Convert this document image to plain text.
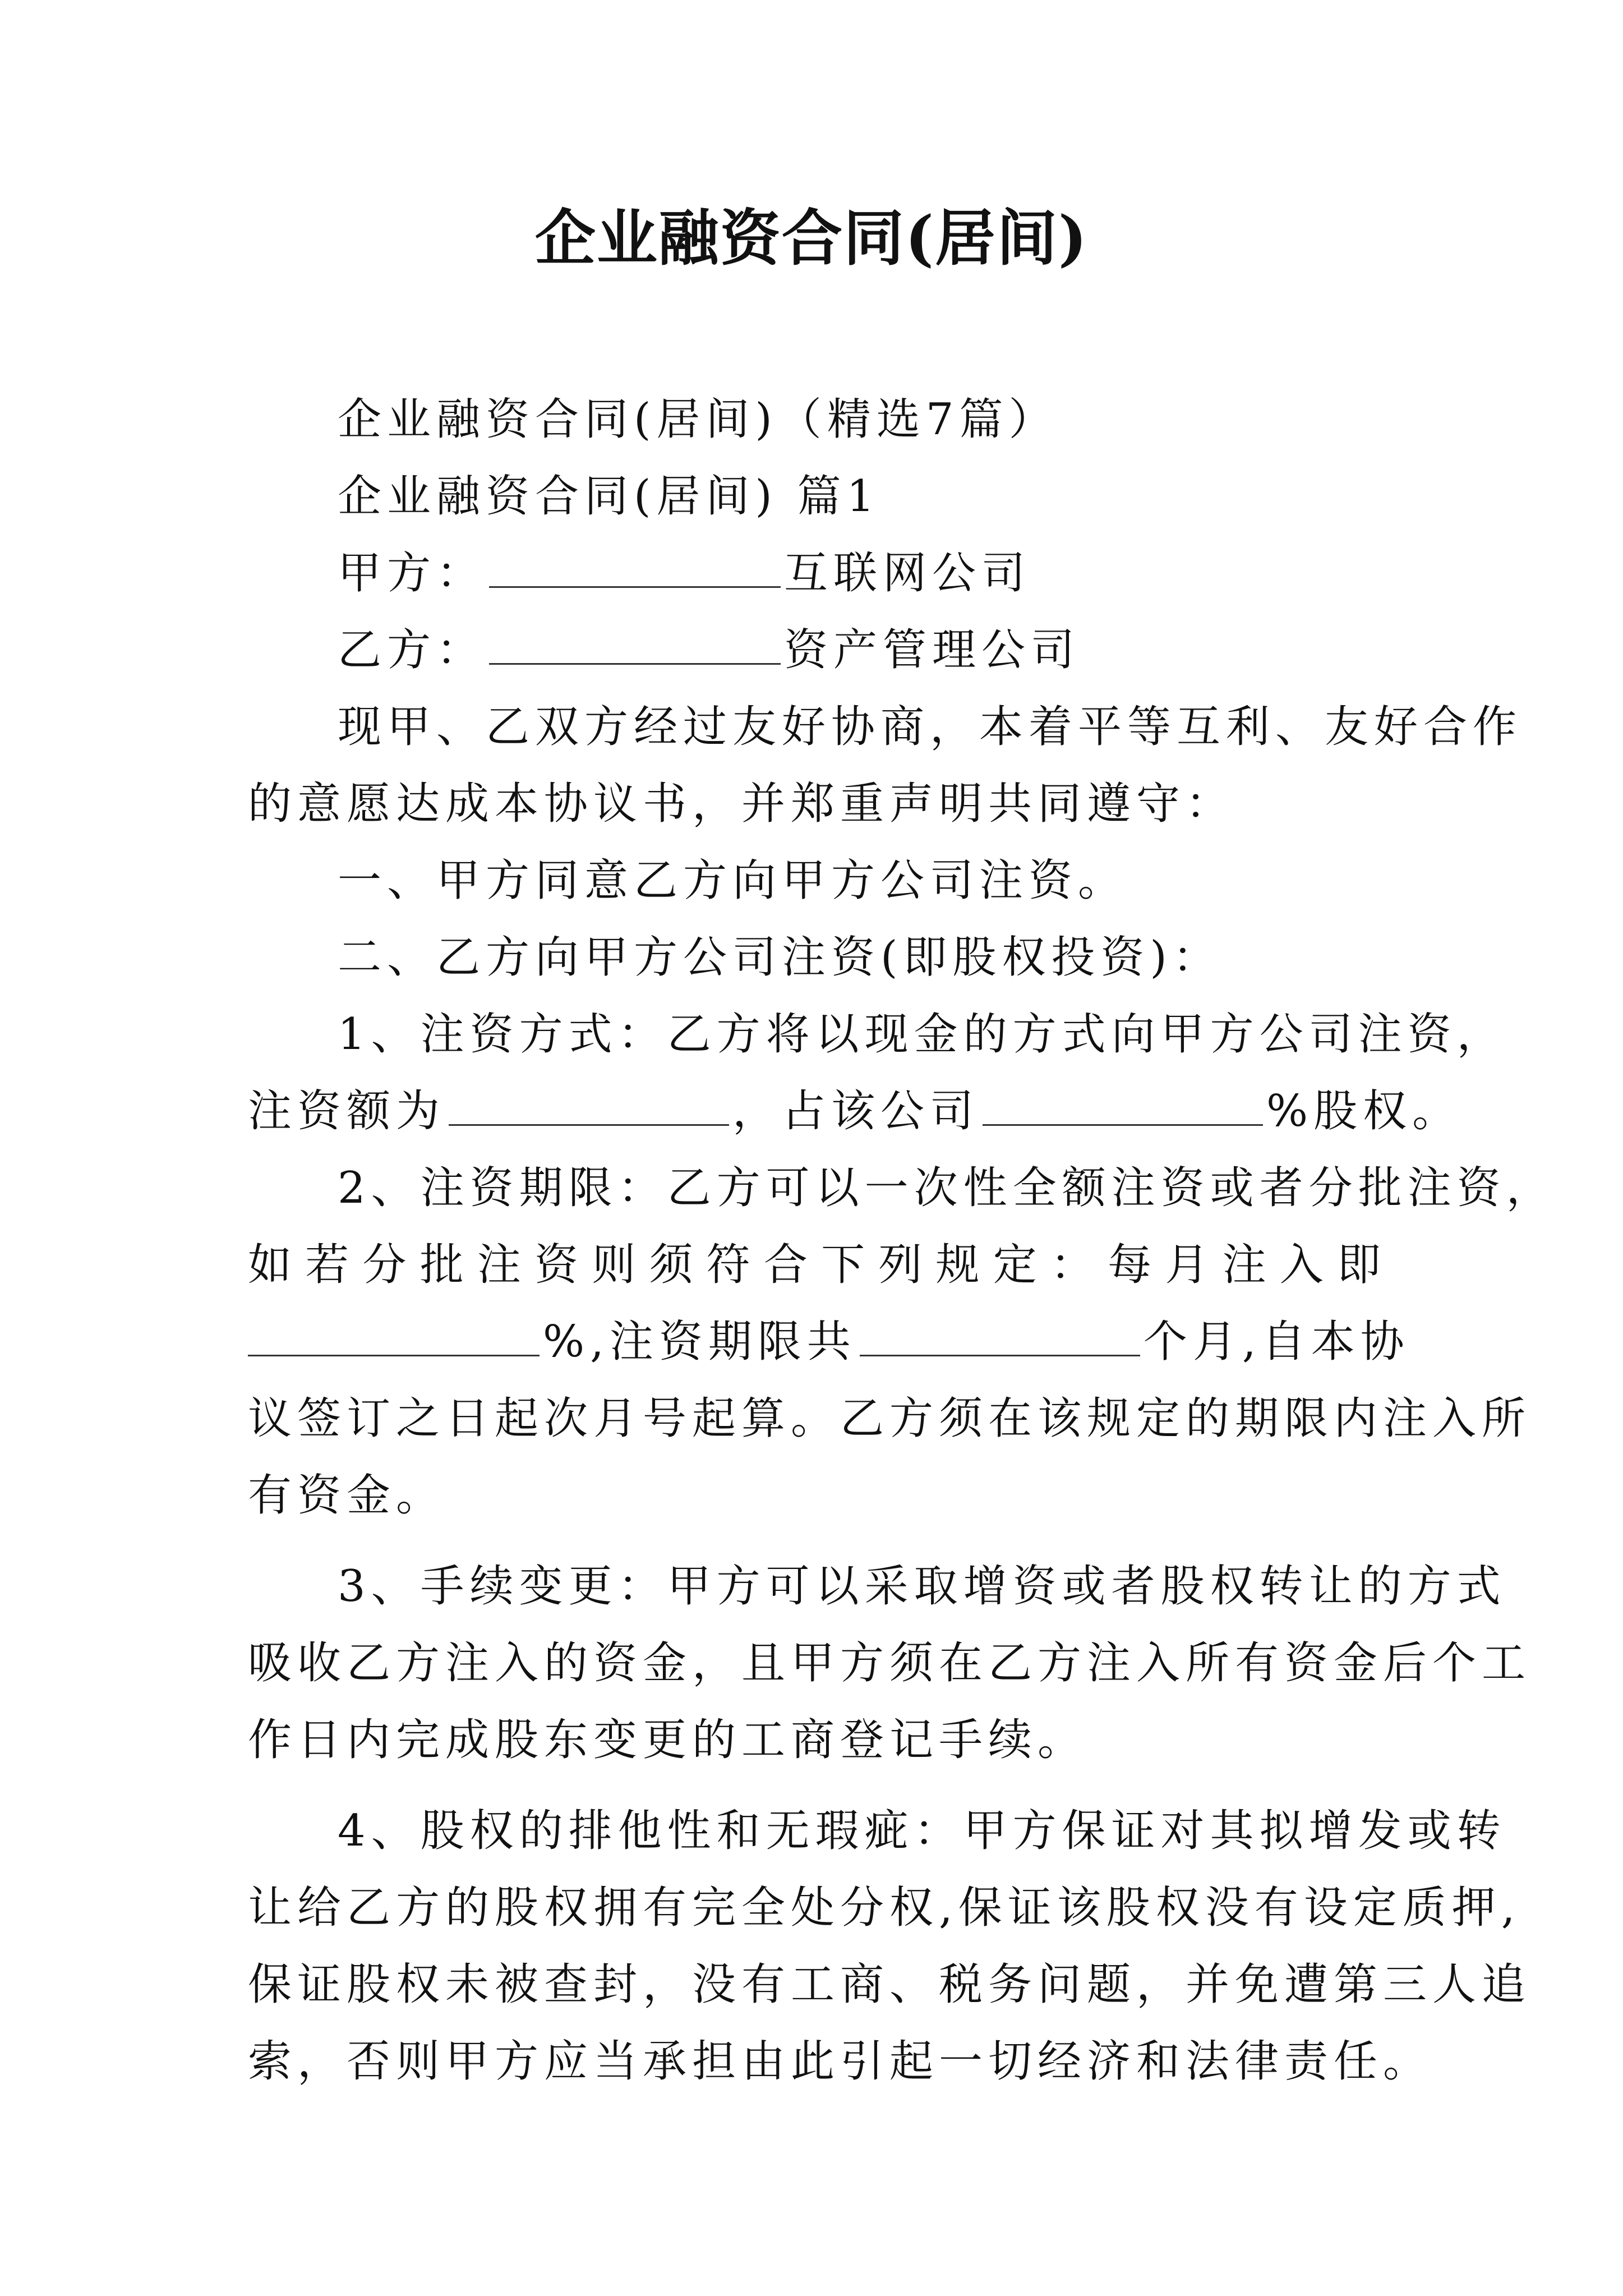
企业融资合同(居间)
企业融资合同(居间)（精选7篇）
企业融资合同(居间) 篇1
甲方：	互联网公司
乙方：	资产管理公司
现甲、乙双方经过友好协商，本着平等互利、友好合作
的意愿达成本协议书，并郑重声明共同遵守：
一、甲方同意乙方向甲方公司注资。
二、乙方向甲方公司注资(即股权投资)：
1、注资方式：乙方将以现金的方式向甲方公司注资，
注资额为	，占该公司	%股权。
2、注资期限：乙方可以一次性全额注资或者分批注资，
如若分批注资则须符合下列规定：每月注入即
%,注资期限共	个月,自本协
议签订之日起次月号起算。乙方须在该规定的期限内注入所
有资金。
3、手续变更：甲方可以采取增资或者股权转让的方式
吸收乙方注入的资金，且甲方须在乙方注入所有资金后个工
作日内完成股东变更的工商登记手续。
4、股权的排他性和无瑕疵：甲方保证对其拟增发或转
让给乙方的股权拥有完全处分权,保证该股权没有设定质押,
保证股权未被查封，没有工商、税务问题，并免遭第三人追
索，否则甲方应当承担由此引起一切经济和法律责任。
